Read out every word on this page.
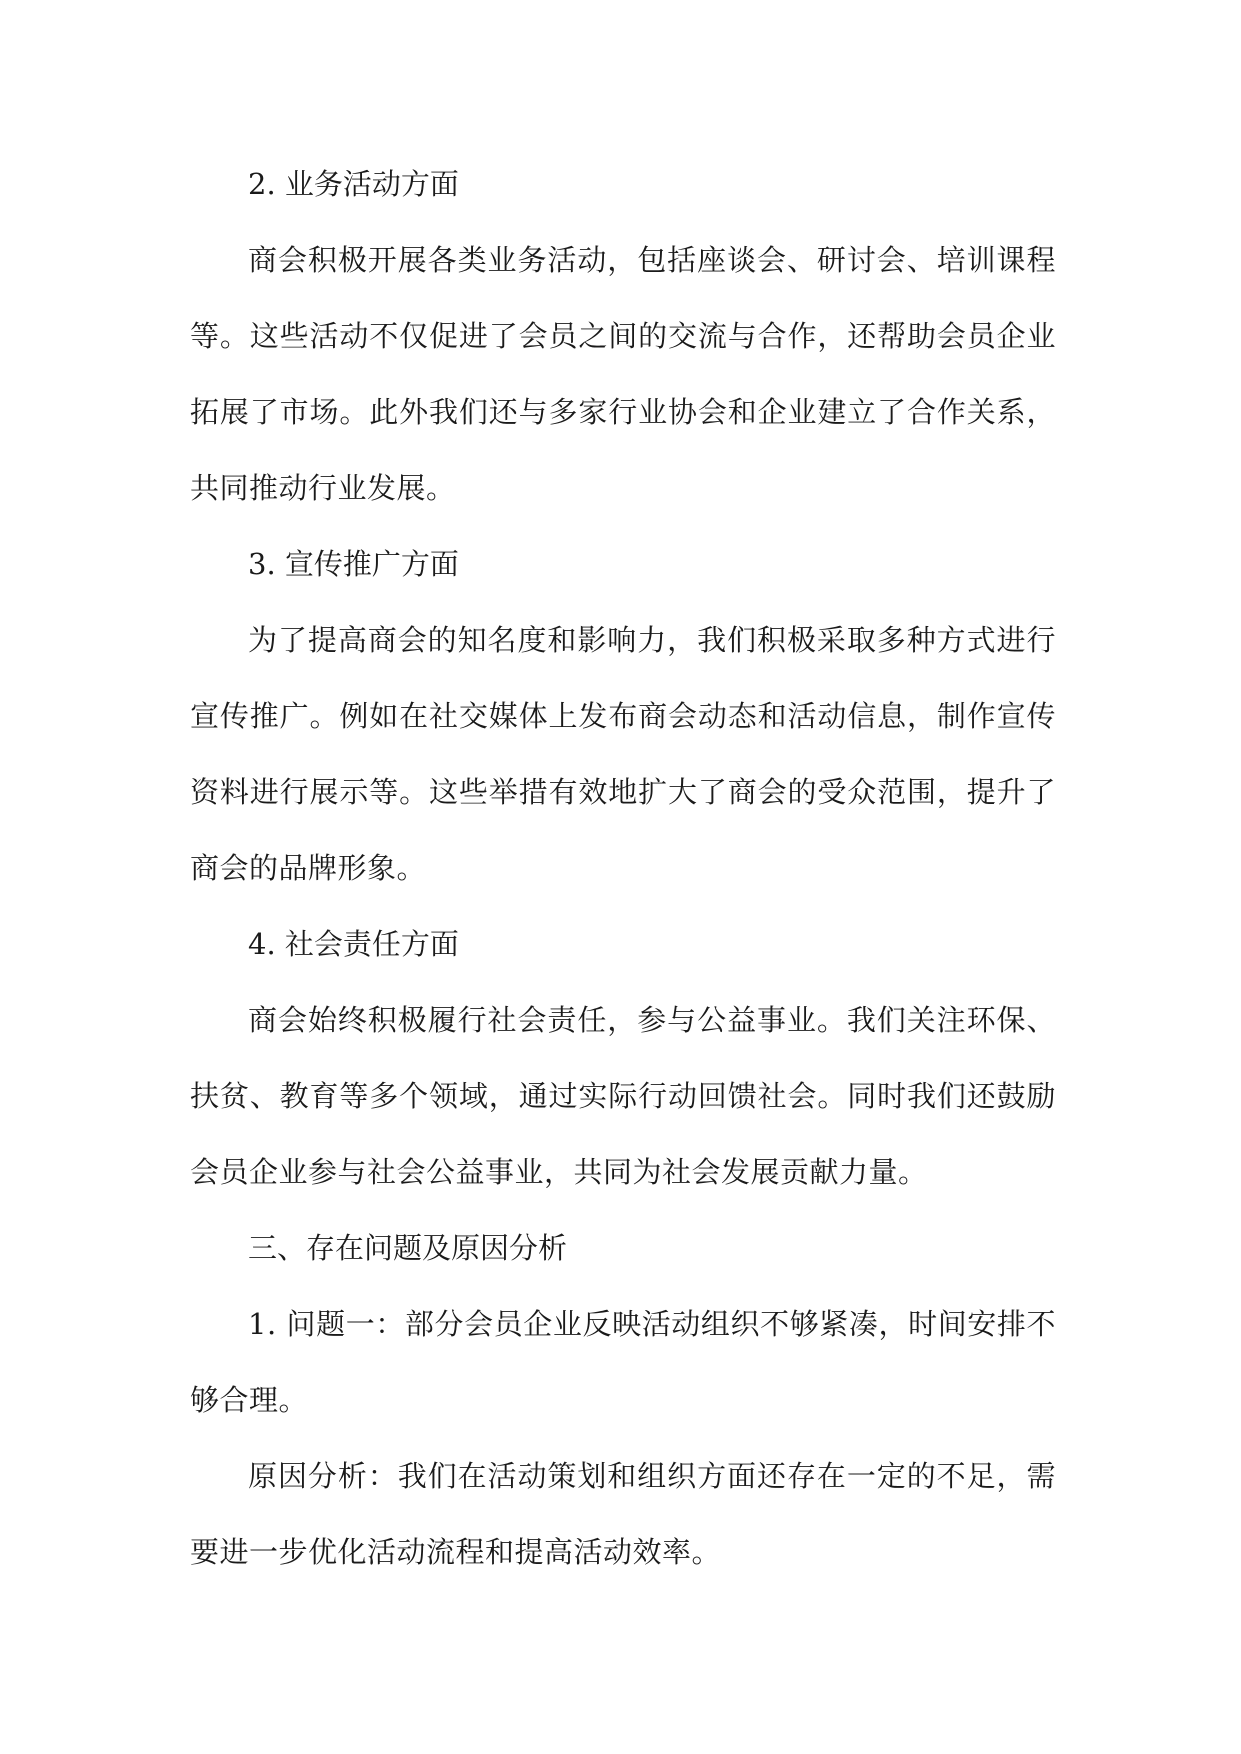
2. 业务活动方面

商会积极开展各类业务活动，包括座谈会、研讨会、培训课程等。这些活动不仅促进了会员之间的交流与合作，还帮助会员企业拓展了市场。此外我们还与多家行业协会和企业建立了合作关系，共同推动行业发展。

3. 宣传推广方面

为了提高商会的知名度和影响力，我们积极采取多种方式进行宣传推广。例如在社交媒体上发布商会动态和活动信息，制作宣传资料进行展示等。这些举措有效地扩大了商会的受众范围，提升了商会的品牌形象。

4. 社会责任方面

商会始终积极履行社会责任，参与公益事业。我们关注环保、扶贫、教育等多个领域，通过实际行动回馈社会。同时我们还鼓励会员企业参与社会公益事业，共同为社会发展贡献力量。

三、存在问题及原因分析

1. 问题一：部分会员企业反映活动组织不够紧凑，时间安排不够合理。

原因分析：我们在活动策划和组织方面还存在一定的不足，需要进一步优化活动流程和提高活动效率。
